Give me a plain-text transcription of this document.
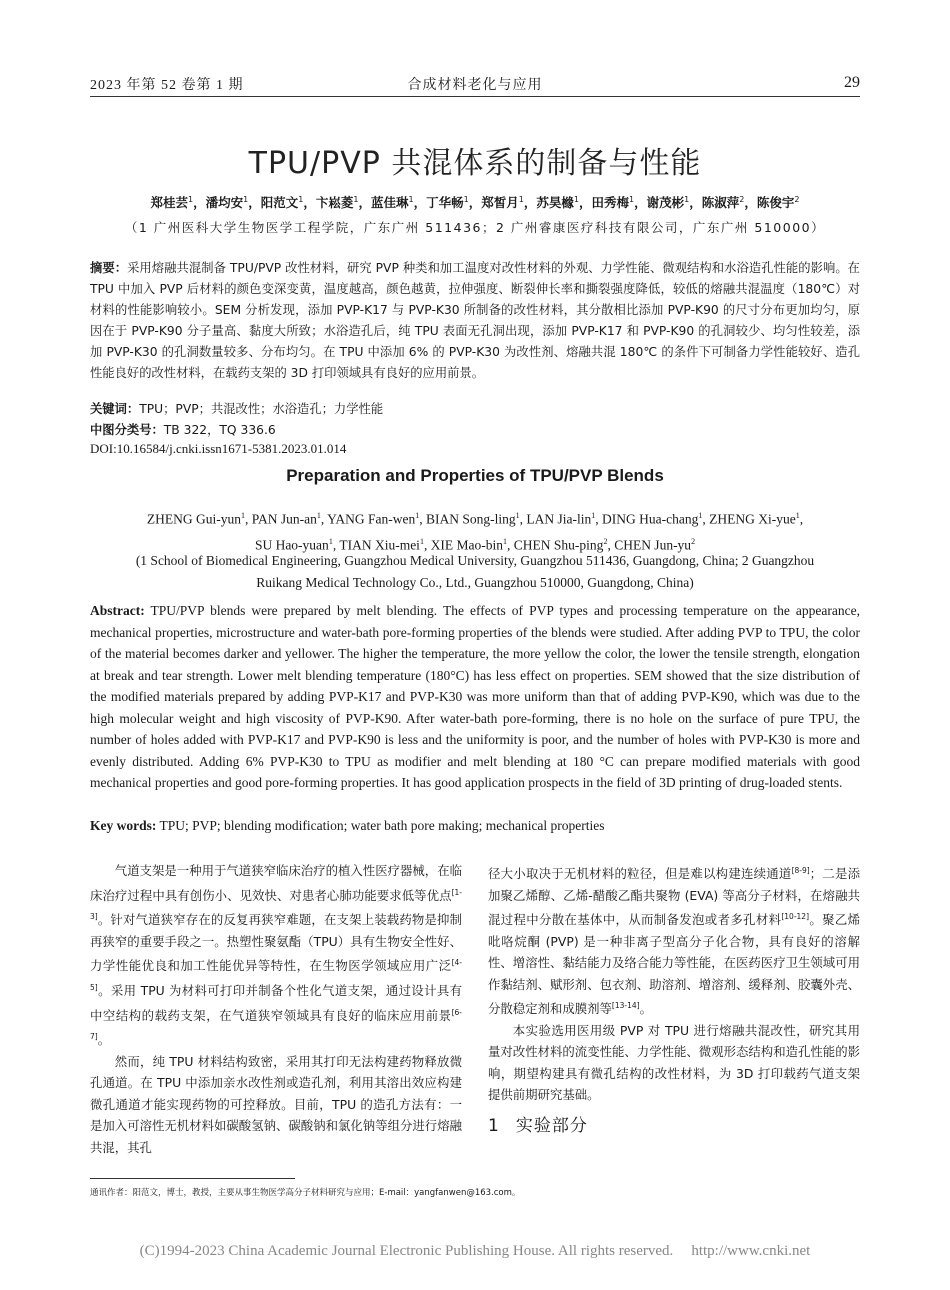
2023 年第 52 卷第 1 期	合成材料老化与应用	29
TPU/PVP 共混体系的制备与性能
郑桂芸$^1$，潘均安$^1$，阳范文$^1$，卞崧菱$^1$，蓝佳琳$^1$，丁华畅$^1$，郑皙月$^1$，苏昊橼$^1$，田秀梅$^1$，谢茂彬$^1$，陈淑萍$^2$，陈俊宇$^2$
（1 广州医科大学生物医学工程学院，广东广州 511436；2 广州睿康医疗科技有限公司，广东广州 510000）
摘要：采用熔融共混制备 TPU/PVP 改性材料，研究 PVP 种类和加工温度对改性材料的外观、力学性能、微观结构和水浴造孔性能的影响。在 TPU 中加入 PVP 后材料的颜色变深变黄，温度越高，颜色越黄，拉伸强度、断裂伸长率和撕裂强度降低，较低的熔融共混温度（180℃）对材料的性能影响较小。SEM 分析发现，添加 PVP-K17 与 PVP-K30 所制备的改性材料，其分散相比添加 PVP-K90 的尺寸分布更加均匀，原因在于 PVP-K90 分子量高、黏度大所致；水浴造孔后，纯 TPU 表面无孔洞出现，添加 PVP-K17 和 PVP-K90 的孔洞较少、均匀性较差，添加 PVP-K30 的孔洞数量较多、分布均匀。在 TPU 中添加 6% 的 PVP-K30 为改性剂、熔融共混 180℃ 的条件下可制备力学性能较好、造孔性能良好的改性材料，在载药支架的 3D 打印领域具有良好的应用前景。
关键词：TPU；PVP；共混改性；水浴造孔；力学性能
中图分类号：TB 322，TQ 336.6
DOI:10.16584/j.cnki.issn1671-5381.2023.01.014
Preparation and Properties of TPU/PVP Blends
ZHENG Gui-yun$^1$, PAN Jun-$an^1$, YANG Fan-wen$^1$, BIAN Song-ling$^1$, LAN Jia-lin$^1$, DING Hua-chang$^1$, ZHENG Xi-yue$^1$,
SU Hao-yuan$^1$, TIAN Xiu-mei$^1$, XIE Mao-bin$^1$, CHEN Shu-ping$^2$, CHEN Jun-$yu^2$
(1 School of Biomedical Engineering, Guangzhou Medical University, Guangzhou 511436, Guangdong, China; 2 Guangzhou
Ruikang Medical Technology Co., Ltd., Guangzhou 510000, Guangdong, China)
Abstract: TPU/PVP blends were prepared by melt blending. The effects of PVP types and processing temperature on the appearance, mechanical properties, microstructure and water-bath pore-forming properties of the blends were studied. After adding PVP to TPU, the color of the material becomes darker and yellower. The higher the temperature, the more yellow the color, the lower the tensile strength, elongation at break and tear strength. Lower melt blending temperature (180°C) has less effect on properties. SEM showed that the size distribution of the modified materials prepared by adding PVP-K17 and PVP-K30 was more uniform than that of adding PVP-K90, which was due to the high molecular weight and high viscosity of PVP-K90. After water-bath pore-forming, there is no hole on the surface of pure TPU, the number of holes added with PVP-K17 and PVP-K90 is less and the uniformity is poor, and the number of holes with PVP-K30 is more and evenly distributed. Adding 6% PVP-K30 to TPU as modifier and melt blending at 180 °C can prepare modified materials with good mechanical properties and good pore-forming properties. It has good application prospects in the field of 3D printing of drug-loaded stents.
Key words: TPU; PVP; blending modification; water bath pore making; mechanical properties

气道支架是一种用于气道狭窄临床治疗的植入性医疗器械，在临床治疗过程中具有创伤小、见效快、对患者心肺功能要求低等优点[1-3]。针对气道狭窄存在的反复再狭窄难题，在支架上装载药物是抑制再狭窄的重要手段之一。热塑性聚氨酯（TPU）具有生物安全性好、力学性能优良和加工性能优异等特性，在生物医学领域应用广泛[4-5]。采用 TPU 为材料可打印并制备个性化气道支架，通过设计具有中空结构的载药支架，在气道狭窄领域具有良好的临床应用前景[6-7]。

然而，纯 TPU 材料结构致密，采用其打印无法构建药物释放微孔通道。在 TPU 中添加亲水改性剂或造孔剂，利用其溶出效应构建微孔通道才能实现药物的可控释放。目前，TPU 的造孔方法有：一是加入可溶性无机材料如碳酸氢钠、碳酸钠和氯化钠等组分进行熔融共混，其孔

径大小取决于无机材料的粒径，但是难以构建连续通道[8-9]；二是添加聚乙烯醇、乙烯-醋酸乙酯共聚物 (EVA) 等高分子材料，在熔融共混过程中分散在基体中，从而制备发泡或者多孔材料[10-12]。聚乙烯吡咯烷酮 (PVP) 是一种非离子型高分子化合物，具有良好的溶解性、增溶性、黏结能力及络合能力等性能，在医药医疗卫生领域可用作黏结剂、赋形剂、包衣剂、助溶剂、增溶剂、缓释剂、胶囊外壳、分散稳定剂和成膜剂等[13-14]。

本实验选用医用级 PVP 对 TPU 进行熔融共混改性，研究其用量对改性材料的流变性能、力学性能、微观形态结构和造孔性能的影响，期望构建具有微孔结构的改性材料，为 3D 打印载药气道支架提供前期研究基础。

1 实验部分
通讯作者：阳范文，博士，教授，主要从事生物医学高分子材料研究与应用；E-mail：yangfanwen@163.com。
(C)1994-2023 China Academic Journal Electronic Publishing House. All rights reserved. http://www.cnki.net
